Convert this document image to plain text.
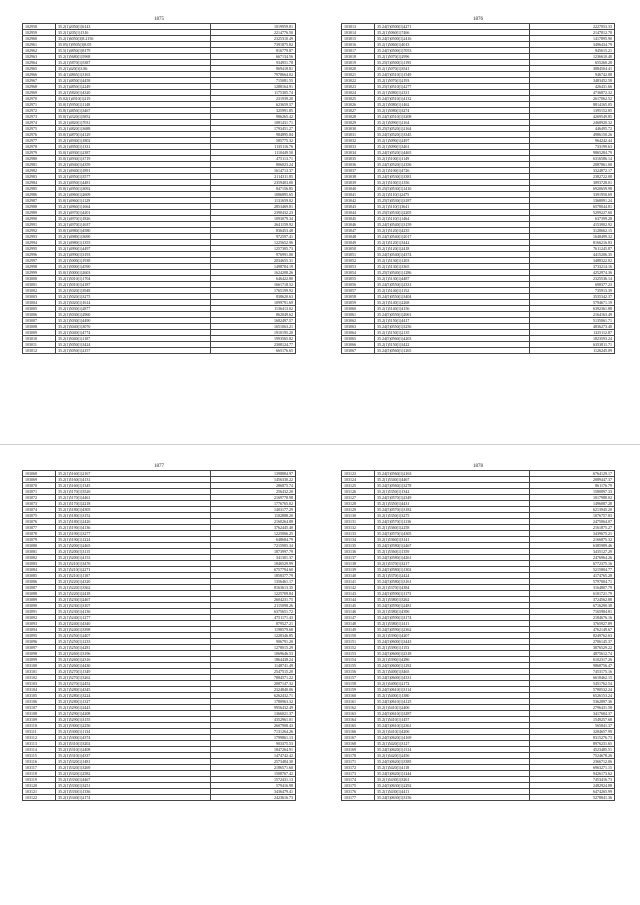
1875
102958	35.2(1)2050(1)6143	1019959.81
102959	35.2(1)205(1)1316	2214776.50
102960	35.2(1)6050(3)8.2156	2325310.49
102961	35.05(1)9505(3)8.05	7391875.82
102962	35.5(1)4850(1)8179	816779.87
102963	35.2(1)5680(1)5968	667134.56
102964	35.2(1)5870(1)5387	934951.78
102965	35.2(1)420(3)3.86	869418.81
102966	35.4(1)4865(1)3163	7978664.02
102967	35.2(1)4850(1)4458	715081.55
102968	35.2(1)4850(1)2249	1288164.91
102969	35.2(1)5820(1)4320	1175305.74
102970	35.02(1)4910(1)219	231939.20
102971	35.0(1)5950(1)1148	623659.57
102972	35.8(1)4850(1)3467	325991.85
102973	35.0(1)4320(1)5852	986265.42
102974	35.2(1)4820(1)7031	1081431.71
102975	35.2(1)4820(1)3688	1793451.27
102976	35.0(1)4870(1)4129	984895.84
102977	35.2(1)4930(1)1802	585775.32
102978	35.2(1)4950(1)1331	1135116.76
102979	35.0(1)4930(1)2387	1110449.50
102980	35.0(1)4930(1)3719	475113.71
102981	35.2(1)4940(1)4359	806023.24
102982	35.2(1)4940(1)1891	1614713.37
102983	35.2(1)4950(1)3577	2114311.85
102984	35.2(1)4950(1)4481	2359403.00
102985	35.0(1)4950(1)3092	847156.85
102986	35.2(1)4960(1)2609	1086895.65
102987	35.0(1)4960(1)1129	1131659.02
102988	35.2(1)4960(1)1664	2853469.81
102989	35.2(1)4970(1)4201	2390432.23
102990	35.2(1)4970(1)1826	1093079.34
102991	35.2(1)4970(1)1637	2641159.92
102992	35.0(1)4980(1)4580	836453.48
102993	35.2(1)4980(1)3690	972597.41
102994	35.2(1)4980(1)1355	1225652.96
102995	35.2(1)4990(1)4497	1257305.73
102996	35.2(1)4990(1)3193	976991.00
102997	35.2(1)5000(1)1938	2034655.31
102998	35.2(1)5000(1)4590	1498784.19
102999	35.0(1)5000(1)2603	1624208.26
103000	35.2(1)5010(1)1704	646422.80
103001	35.2(1)5010(1)4187	1661718.52
103002	35.2(1)5020(1)3948	1765199.92
103003	35.2(1)5020(1)3275	838620.63
103004	35.2(1)5020(1)1614	1099791.69
103005	35.2(1)5030(1)2877	1136413.02
103006	35.2(1)5030(1)2960	862049.62
103007	35.2(1)5030(1)4490	1682497.57
103008	35.2(1)5040(1)3076	1651063.21
103009	35.2(1)5040(1)4774	1910195.20
103010	35.2(1)5040(1)1107	1993565.82
103011	35.2(1)5050(1)3424	2308124.77
103012	35.2(1)5050(1)2157	665176.65
1876
103013	35.24(5)0500(1)4271	2227053.33
103014	35.2(1)5060(1)7466	2147812.78
103015	35.24(5)0500(1)2416	1417895.90
103016	35.2(1)5060(1)4013	3496434.79
103017	35.24(5)0500(1)7053	945615.21
103018	35.2(1)5070(1)2996	1236610.40
103019	35.25(5)0500(1)1195	655260.28
103020	35.2(1)5070(1)3541	3884504.41
103021	35.24(5)0510(1)1549	946742.08
103022	35.2(1)5070(1)2193	3483452.58
103023	35.25(5)0510(1)4277	426431.66
103024	35.2(1)5080(1)2331	4736872.32
103025	35.24(5)0510(1)4132	2617062.52
103026	35.2(1)5080(1)1462	8814165.05
103027	35.2(1)5080(1)3274	1395152.85
103028	35.24(5)0510(1)3208	4269549.85
103029	35.2(1)5090(1)2164	2468920.32
103030	35.25(5)0520(1)2164	446495.72
103031	35.24(5)0520(1)3345	4986150.26
103032	35.2(1)5090(1)2497	964242.44
103033	35.2(1)5090(1)3461	733199.63
103034	35.24(5)0520(1)4465	9865284.79
103035	35.2(1)5100(1)1149	6316586.14
103036	35.24(5)0520(1)2356	2087861.00
103037	35.2(1)5100(1)4726	3324872.17
103038	35.24(5)0530(1)3381	2382722.08
103039	35.2(1)5100(1)1356	3893728.01
103040	35.25(5)0530(1)1416	6920659.98
103041	35.2(1)5110(1)2475	3391950.69
103042	35.25(5)0530(1)3187	1368091.24
103043	35.2(1)5110(1)3641	6578044.81
103044	35.25(5)0530(1)2205	5299227.60
103045	35.2(1)5110(1)1464	637399.28
103046	35.24(5)0540(1)3159	4153902.92
103047	35.2(1)5120(1)4235	3128662.15
103048	35.24(5)0540(1)2017	1648499.32
103049	35.2(1)5120(1)3442	8166216.83
103050	35.2(1)5120(1)2418	7611245.87
103051	35.24(5)0540(1)4374	4415206.35
103052	35.2(1)5130(1)1203	3488322.02
103053	35.2(1)5130(1)3365	3733214.16
103054	35.25(5)0540(1)1286	4252974.36
103055	35.2(1)5130(1)4487	2325536.14
103056	35.24(5)0550(1)2331	698377.23
103057	35.2(1)5140(1)1152	735913.39
103058	35.24(5)0550(1)3404	3535342.37
103059	35.2(1)5140(1)2268	5794671.19
103060	35.2(1)5140(1)4156	6392361.88
103061	35.24(5)0550(1)2061	2164163.49
103062	35.2(1)5150(1)4417	5135061.71
103063	35.24(5)0550(1)3256	4836273.40
103064	35.2(1)5150(1)2135	1325112.87
103065	35.24(5)0560(1)4203	1823593.24
103066	35.2(1)5150(1)3422	6353811.71
103067	35.24(5)0560(1)1265	1126245.09
1877
103068	35.2(1)5160(1)2167	1398884.97
103069	35.2(1)5160(1)4131	1456330.22
103070	35.2(1)5160(1)1345	286875.74
103071	35.2(1)5170(1)3526	256432.20
103072	35.2(1)5170(1)4461	2169778.98
103073	35.2(1)5170(1)2218	1776765.02
103074	35.2(1)5180(1)4305	1403177.29
103075	35.2(1)5180(1)3152	1102888.20
103076	35.2(1)5180(1)2426	2160264.88
103077	35.2(1)5190(1)4136	3762445.40
103078	35.2(1)5190(1)3277	1225006.25
103079	35.2(1)5190(1)1224	648684.79
103080	35.2(1)5200(1)2465	7215905.34
103081	35.2(1)5200(1)3115	1873997.79
103082	35.2(1)5200(1)4153	341301.37
103083	35.2(1)5210(1)3476	1846529.99
103084	35.2(1)5210(1)2271	6757794.60
103085	35.2(1)5210(1)1107	1858377.79
103086	35.2(1)5220(1)4320	1356461.17
103087	35.2(1)5220(1)3362	8163613.35
103088	35.2(1)5220(1)2418	1225709.84
103089	35.2(1)5230(1)2467	2604231.75
103090	35.2(1)5230(1)3107	2115098.26
103091	35.2(1)5230(1)4136	6375651.72
103092	35.2(1)5240(1)1277	4751171.43
103093	35.2(1)5240(1)4340	879527.21
103094	35.2(1)5240(1)3398	1198579.68
103095	35.2(1)5250(1)2407	1228346.85
103096	35.2(1)5250(1)1233	906791.20
103097	35.2(1)5250(1)4281	1278015.29
103098	35.2(1)5260(1)3196	1069646.53
103099	35.2(1)5260(1)2316	1864438.24
103100	35.2(1)5260(1)4430	1148741.49
103101	35.2(1)5270(1)1349	2547515.20
103102	35.2(1)5270(1)3262	7884571.22
103103	35.2(1)5270(1)2452	2087147.32
103104	35.2(1)5280(1)4345	2324840.06
103105	35.2(1)5280(1)3224	6262432.71
103106	35.2(1)5280(1)1327	1780963.32
103107	35.2(1)5290(1)2443	9956432.49
103108	35.2(1)5290(1)4208	1366021.37
103109	35.2(1)5290(1)3155	4352961.01
103110	35.2(1)5300(1)2256	2607908.43
103111	35.2(1)5300(1)1134	7131264.26
103112	35.2(1)5300(1)4374	1799861.13
103113	35.2(1)5310(1)3202	903375.53
103114	35.2(1)5310(1)2408	1847264.91
103115	35.2(1)5310(1)4337	1474742.42
103116	35.2(1)5320(1)1481	2573484.30
103117	35.2(1)5320(1)3269	2186571.60
103118	35.2(1)5320(1)2582	1508767.42
103119	35.2(1)5330(1)4467	1572431.13
103120	35.2(1)5330(1)3251	579416.98
103121	35.2(1)5330(1)1336	3436479.41
103122	35.2(1)5340(1)2174	2423616.73
1878
103123	35.24(5)0560(1)2163	6764129.17
103124	35.2(1)5340(1)4467	2089447.37
103125	35.24(5)0560(1)3278	861176.79
103126	35.2(1)5350(1)1342	1580897.33
103127	35.24(5)0570(1)2349	1017988.02
103128	35.2(1)5350(1)4431	1496087.28
103129	35.24(5)0570(1)3182	6213945.20
103130	35.2(1)5350(1)3275	1076757.83
103131	35.24(5)0570(1)1136	2475064.07
103132	35.2(1)5360(1)2258	2161875.27
103133	35.24(5)0570(1)4305	3439675.21
103134	35.2(1)5360(1)3141	2166875.32
103135	35.24(5)0580(1)2467	6385989.46
103136	35.2(1)5360(1)1359	3435127.29
103137	35.24(5)0580(1)4261	2476964.26
103138	35.2(1)5370(1)3217	6772375.16
103139	35.24(5)0580(1)1302	5215804.77
103140	35.2(1)5370(1)2424	4174765.28
103141	35.24(5)0580(1)3161	5797004.71
103142	35.2(1)5370(1)4384	3164807.79
103143	35.24(5)0590(1)1173	6101721.79
103144	35.2(1)5380(1)3262	3724562.88
103145	35.24(5)0590(1)2481	6716290.38
103146	35.2(1)5380(1)4396	7165984.81
103147	35.24(5)0590(1)3174	2184676.16
103148	35.2(1)5380(1)1411	3765927.89
103149	35.24(5)0590(1)2362	4762149.67
103150	35.2(1)5390(1)4207	8249762.63
103151	35.24(5)0600(1)3443	2706145.37
103152	35.2(1)5390(1)1153	3876529.22
103153	35.24(5)0600(1)2318	4875612.74
103154	35.2(1)5390(1)4286	6102317.26
103155	35.24(5)0600(1)1292	9868756.47
103156	35.2(1)5400(1)3465	7453175.16
103157	35.24(5)0600(1)4331	6618462.15
103158	35.2(1)5400(1)2172	5451762.54
103159	35.24(5)0610(1)3114	5780532.24
103160	35.2(1)5400(1)1380	6526153.24
103161	35.24(5)0610(1)4125	5362897.36
103162	35.2(1)5410(1)2406	2796431.58
103163	35.24(5)0610(1)3287	3417684.37
103164	35.2(1)5410(1)1457	1549257.68
103165	35.24(5)0610(1)2361	565841.37
103166	35.2(1)5410(1)4206	3284657.99
103167	35.24(5)0620(1)4169	8315276.73
103168	35.2(1)5420(1)3127	8976231.65
103169	35.24(5)0620(1)1314	4523485.51
103170	35.2(1)5420(1)2456	7524678.26
103171	35.24(5)0620(1)3385	2366712.06
103172	35.2(1)5420(1)4118	6963271.15
103173	35.24(5)0620(1)1244	9426173.62
103174	35.2(1)5430(1)3261	7453416.73
103175	35.24(5)0630(1)2292	2482924.88
103176	35.2(1)5430(1)4411	6474265.99
103177	35.24(5)0630(1)3156	5278841.36
